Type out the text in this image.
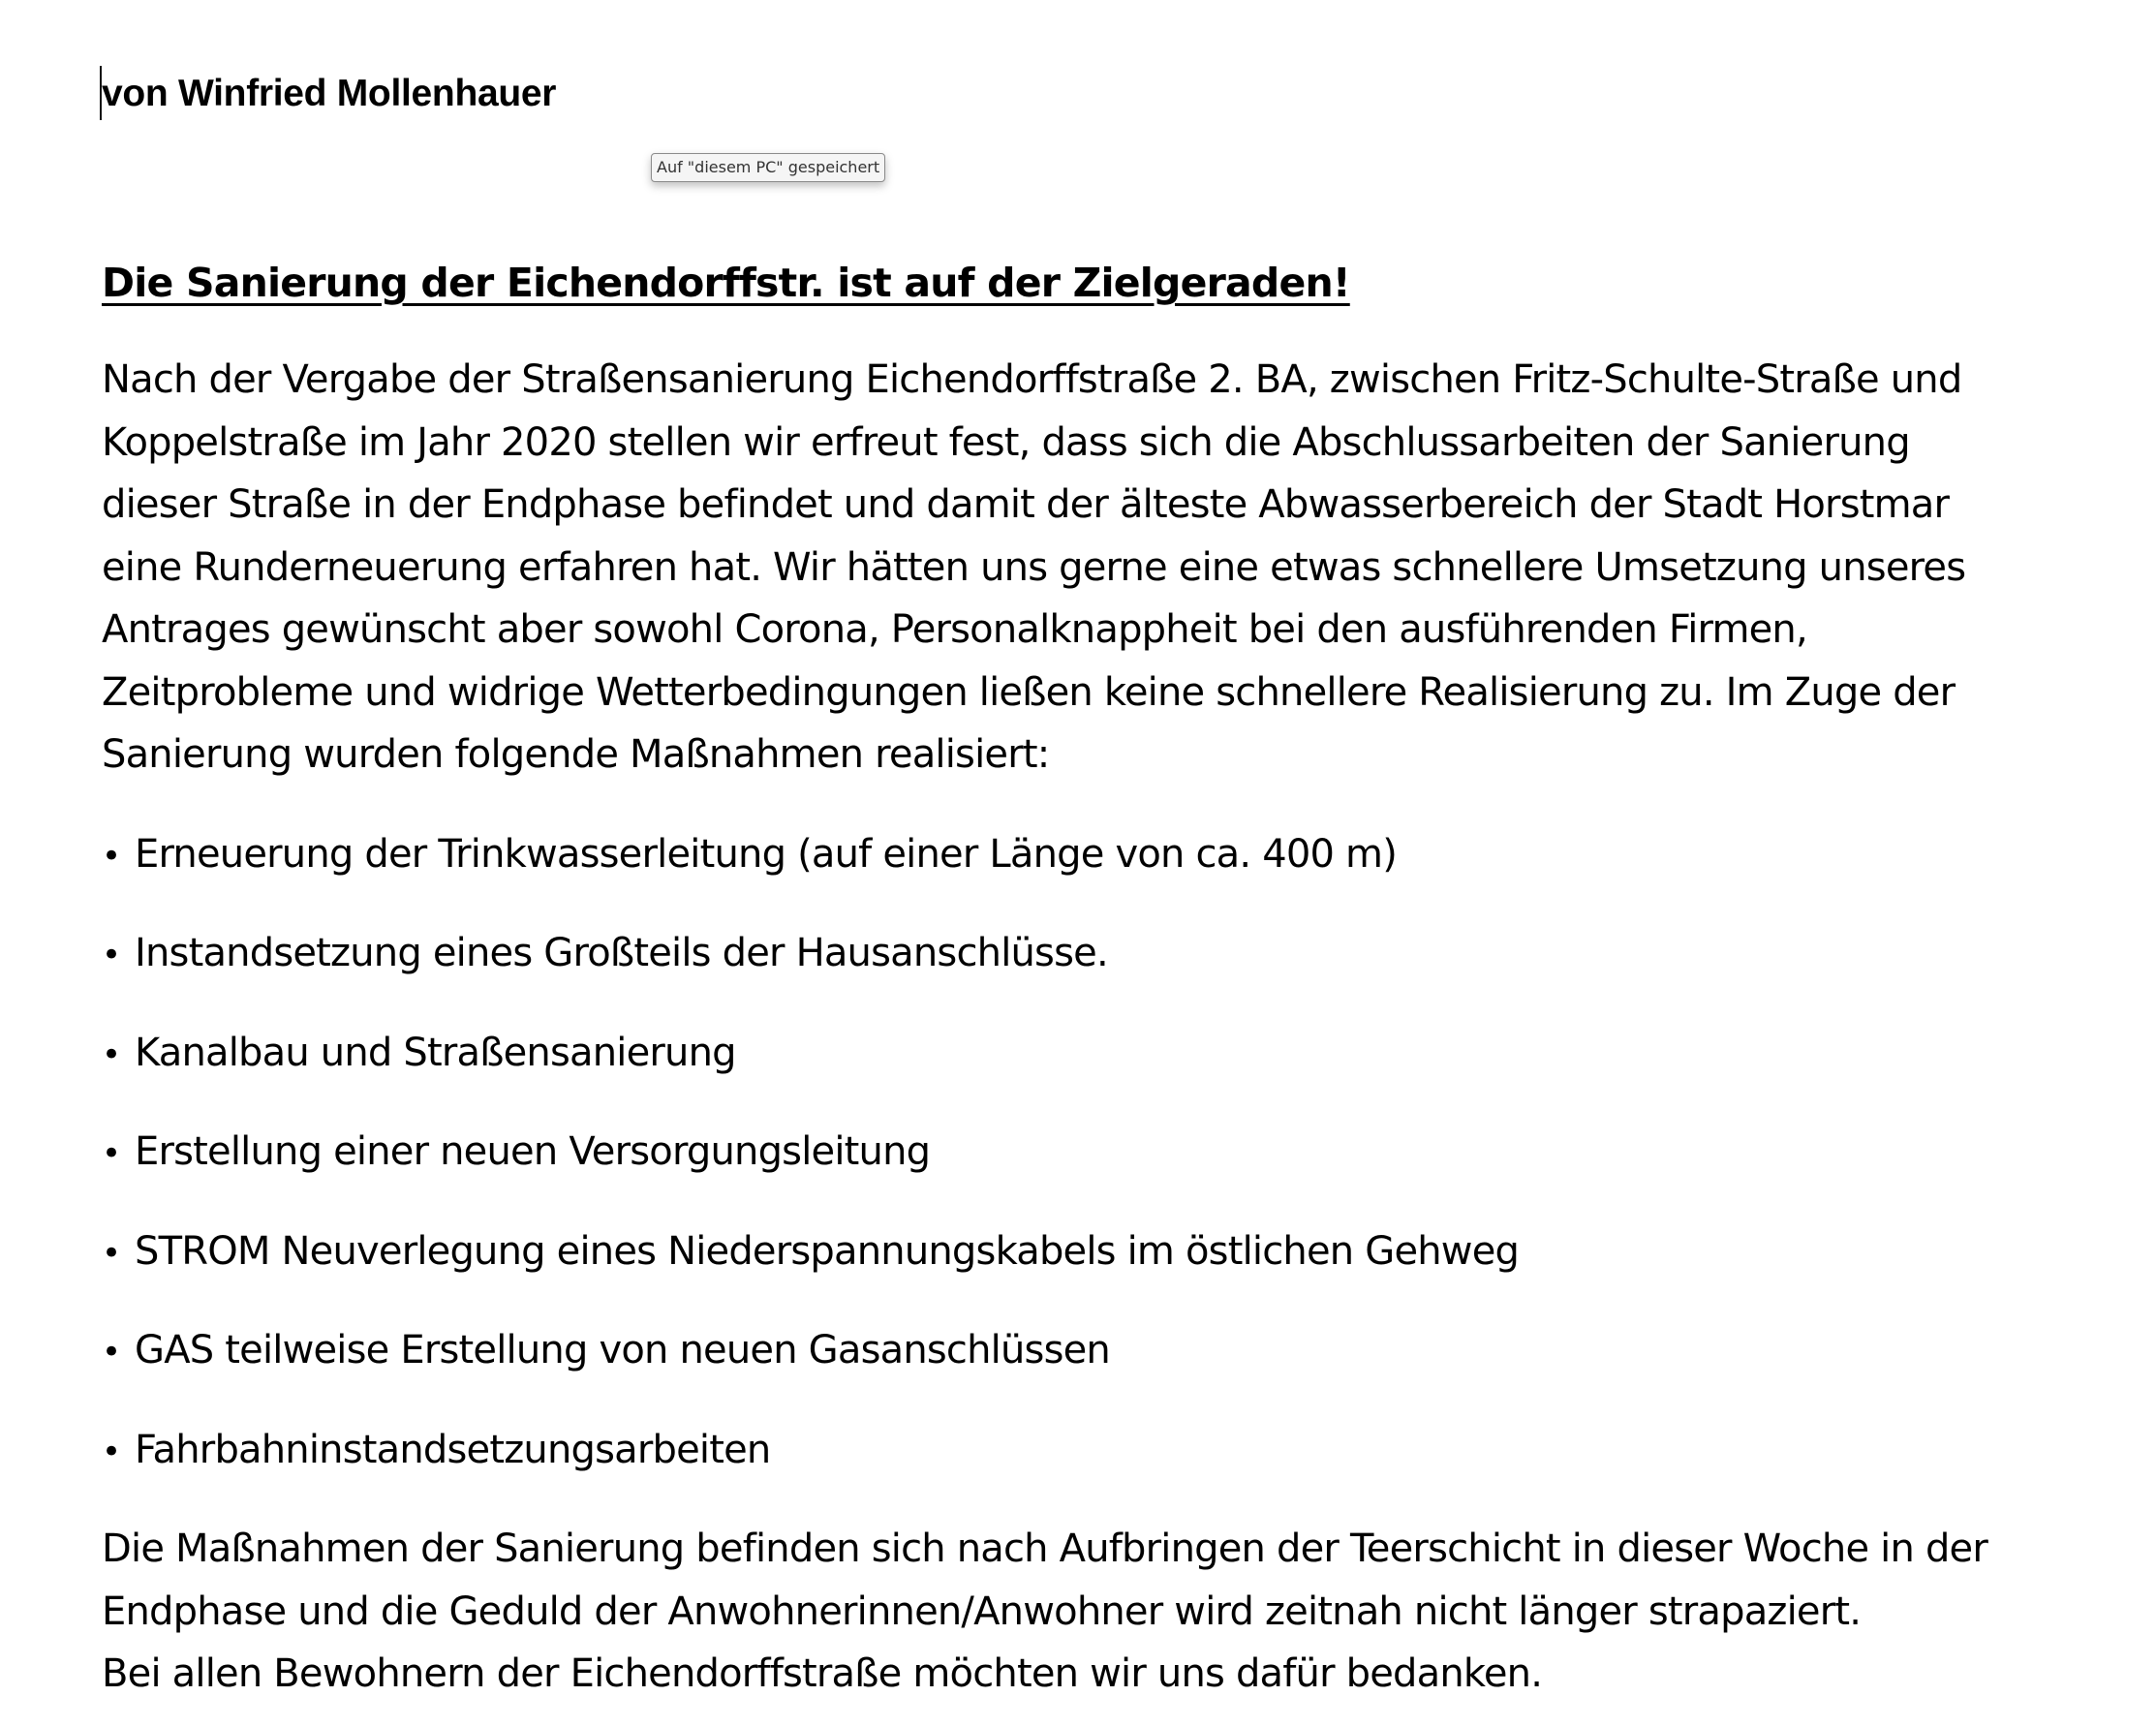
von Winfried Mollenhauer
Auf "diesem PC" gespeichert
Die Sanierung der Eichendorffstr. ist auf der Zielgeraden!

Nach der Vergabe der Straßensanierung Eichendorffstraße 2. BA, zwischen Fritz-Schulte-Straße und
Koppelstraße im Jahr 2020 stellen wir erfreut fest, dass sich die Abschlussarbeiten der Sanierung
dieser Straße in der Endphase befindet und damit der älteste Abwasserbereich der Stadt Horstmar
eine Runderneuerung erfahren hat. Wir hätten uns gerne eine etwas schnellere Umsetzung unseres
Antrages gewünscht aber sowohl Corona, Personalknappheit bei den ausführenden Firmen,
Zeitprobleme und widrige Wetterbedingungen ließen keine schnellere Realisierung zu. Im Zuge der
Sanierung wurden folgende Maßnahmen realisiert:

• Erneuerung der Trinkwasserleitung (auf einer Länge von ca. 400 m)
• Instandsetzung eines Großteils der Hausanschlüsse.
• Kanalbau und Straßensanierung
• Erstellung einer neuen Versorgungsleitung
• STROM Neuverlegung eines Niederspannungskabels im östlichen Gehweg
• GAS teilweise Erstellung von neuen Gasanschlüssen
• Fahrbahninstandsetzungsarbeiten

Die Maßnahmen der Sanierung befinden sich nach Aufbringen der Teerschicht in dieser Woche in der
Endphase und die Geduld der Anwohnerinnen/Anwohner wird zeitnah nicht länger strapaziert.
Bei allen Bewohnern der Eichendorffstraße möchten wir uns dafür bedanken.
